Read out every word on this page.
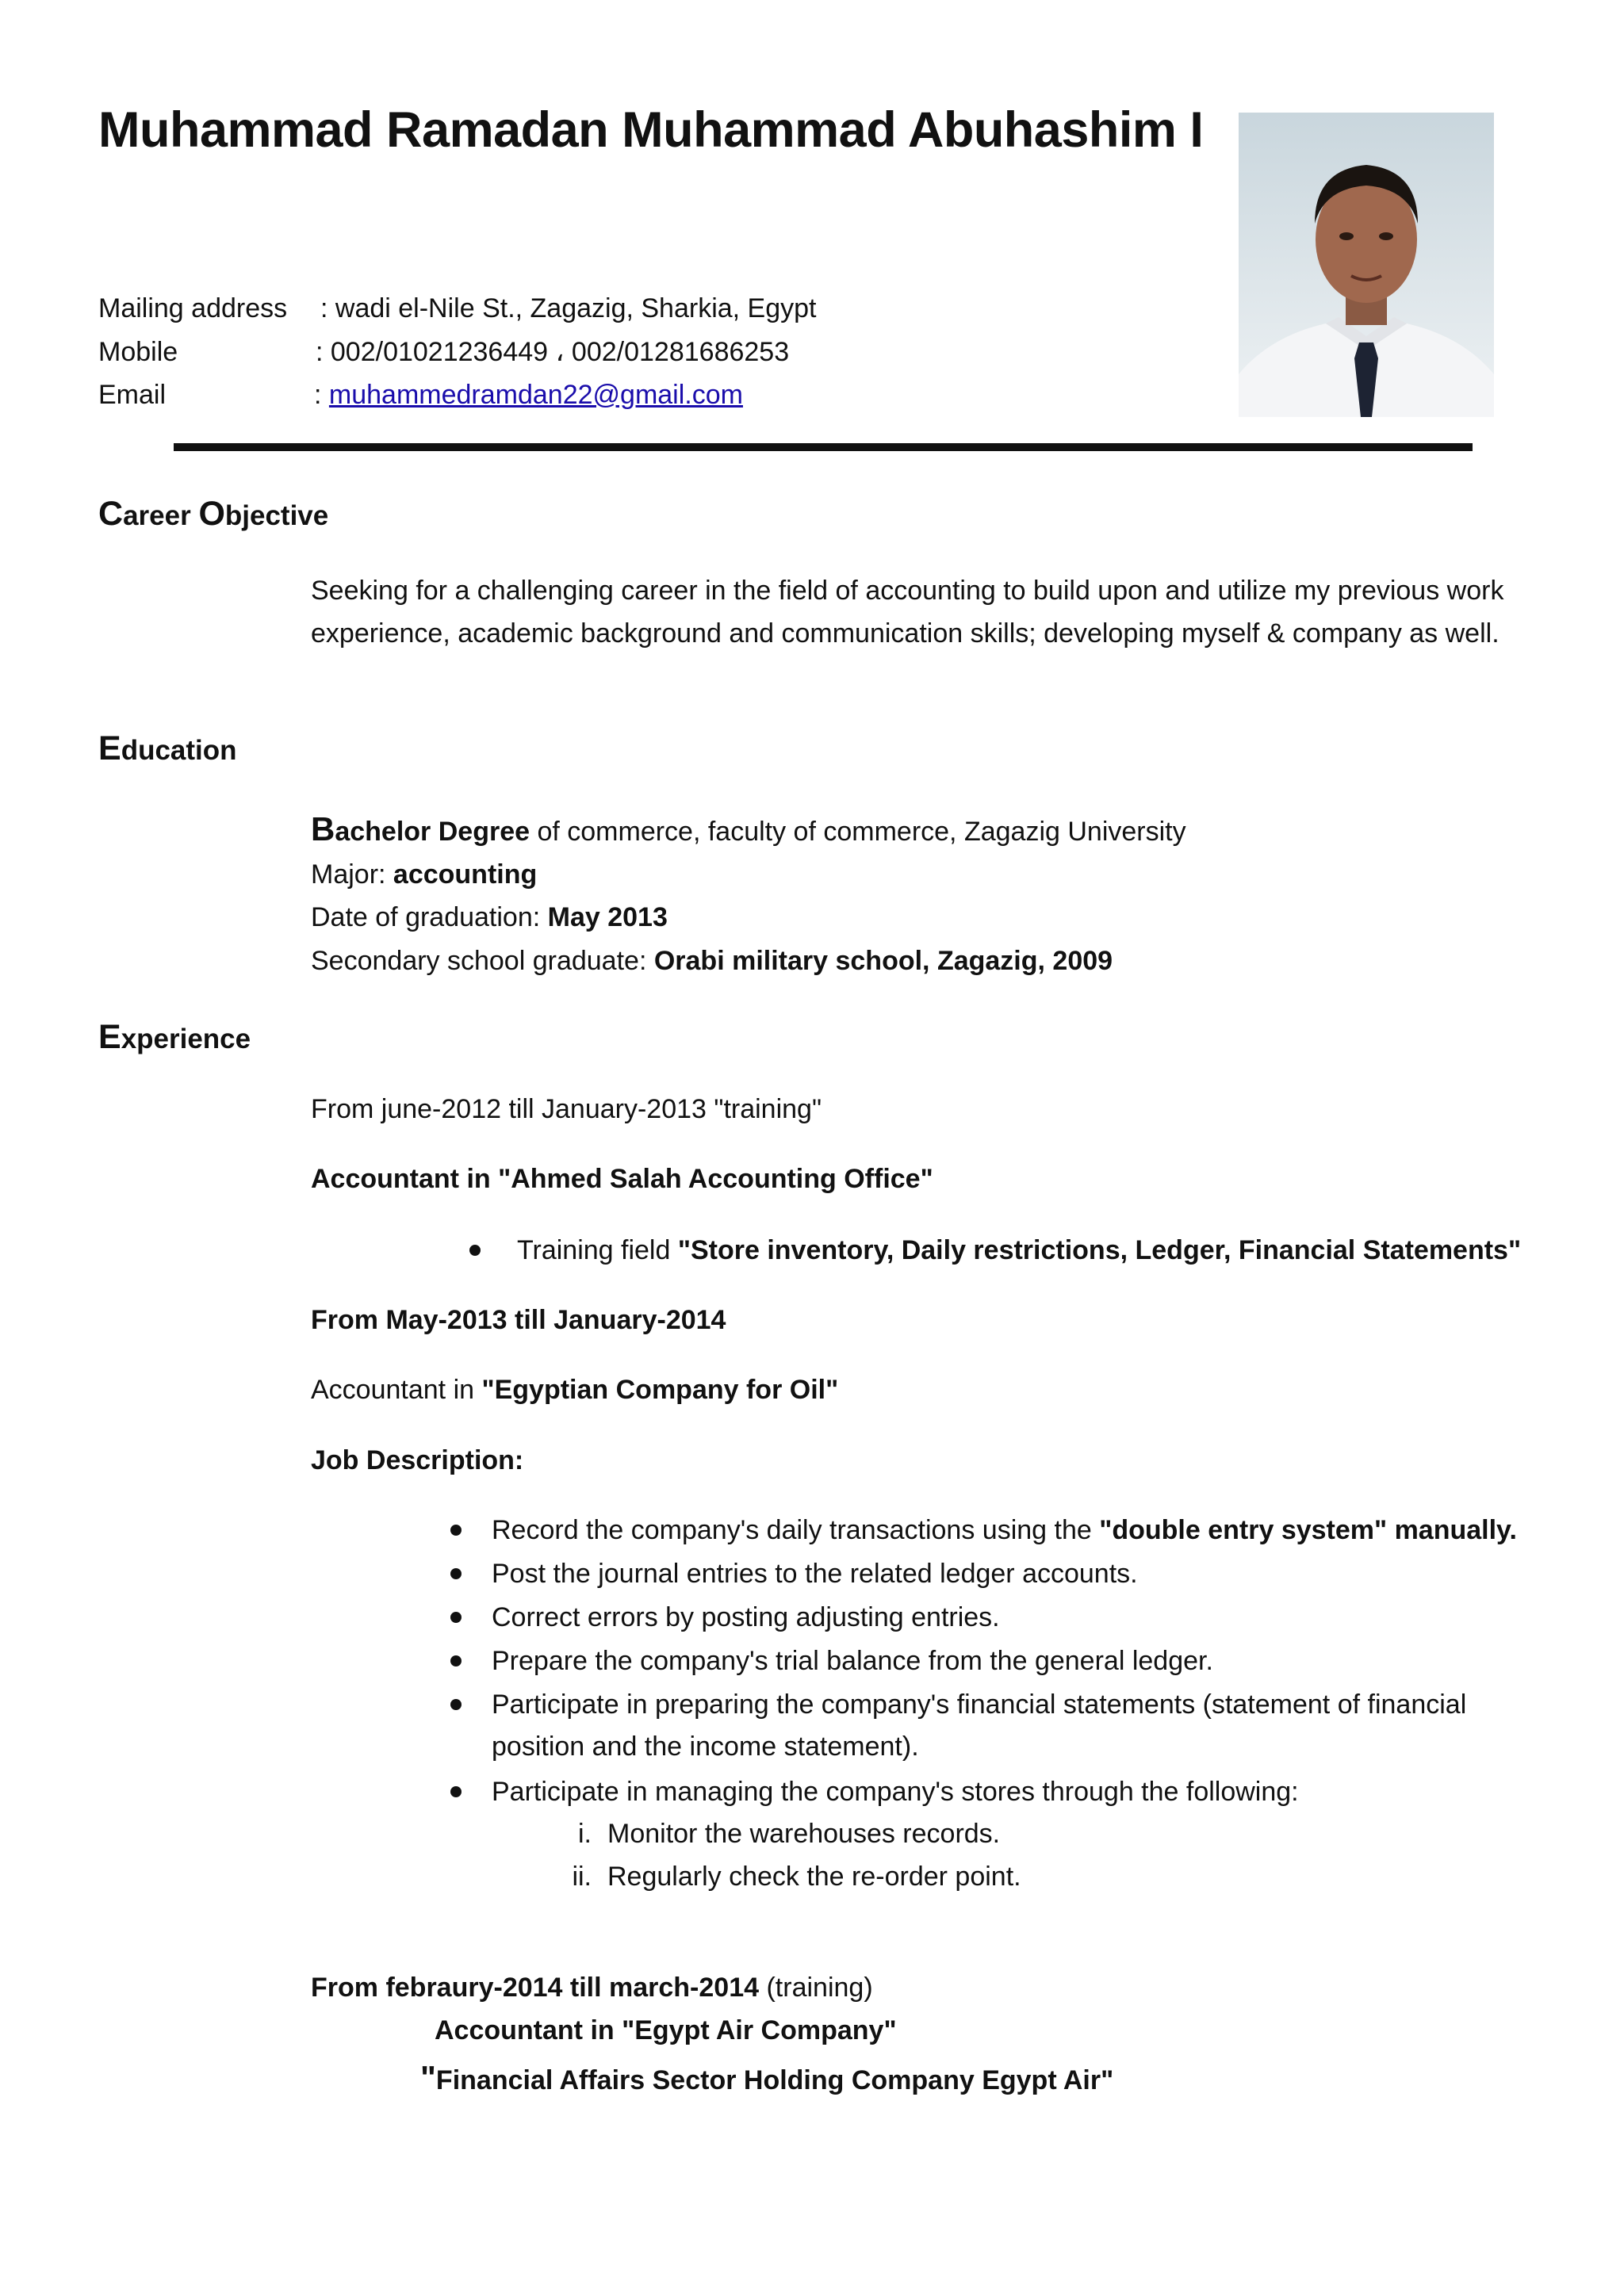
Muhammad Ramadan Muhammad Abuhashim I
Mailing address : wadi el-Nile St., Zagazig, Sharkia, Egypt
Mobile	: 002/01021236449 ، 002/01281686253
Email	: muhammedramdan22@gmail.com
Career Objective
Seeking for a challenging career in the field of accounting to build upon and utilize my previous work experience, academic background and communication skills; developing myself & company as well.
Education
Bachelor Degree of commerce, faculty of commerce, Zagazig University
Major: accounting
Date of graduation: May 2013
Secondary school graduate: Orabi military school, Zagazig, 2009
Experience
From june-2012 till January-2013 "training"
Accountant in "Ahmed Salah Accounting Office"
Training field "Store inventory, Daily restrictions, Ledger, Financial Statements"
From May-2013 till January-2014
Accountant in "Egyptian Company for Oil"
Job Description:
Record the company's daily transactions using the "double entry system" manually.
Post the journal entries to the related ledger accounts.
Correct errors by posting adjusting entries.
Prepare the company's trial balance from the general ledger.
Participate in preparing the company's financial statements (statement of financial
position and the income statement).
Participate in managing the company's stores through the following:
i. Monitor the warehouses records.
ii. Regularly check the re-order point.
From febraury-2014 till march-2014 (training)
Accountant in "Egypt Air Company"
"Financial Affairs Sector Holding Company Egypt Air"
